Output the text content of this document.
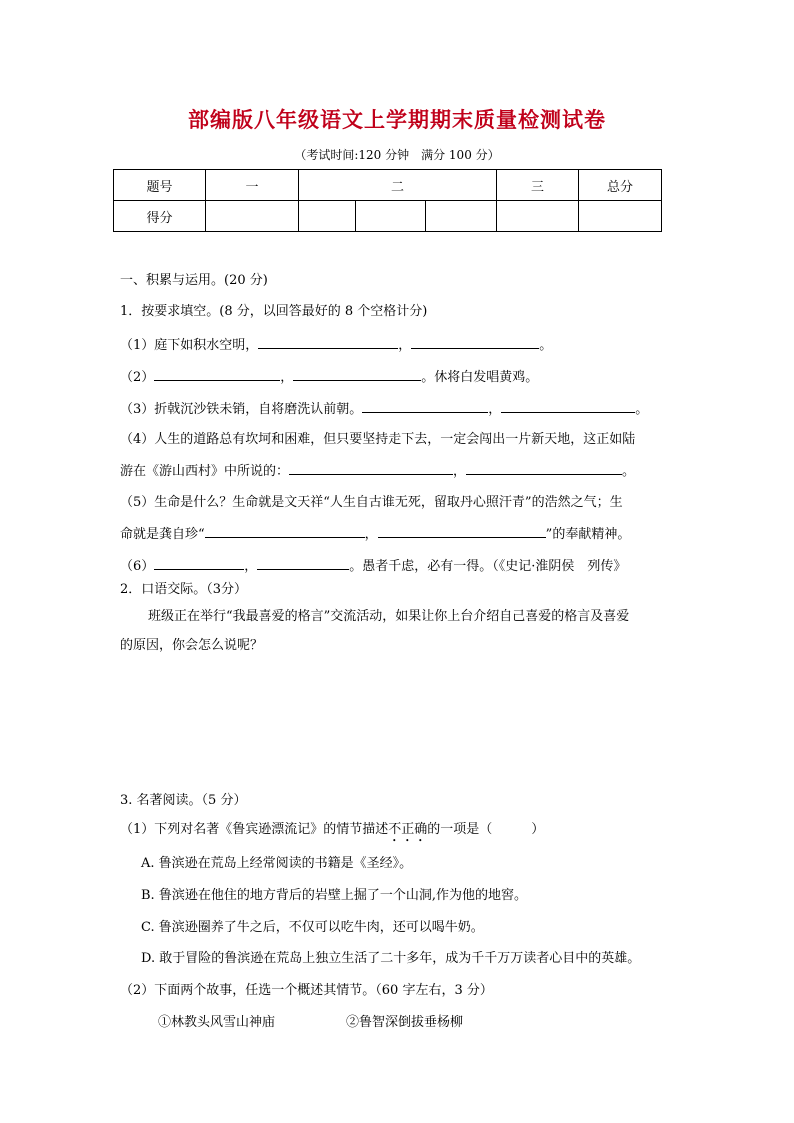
部编版八年级语文上学期期末质量检测试卷
（考试时间:120 分钟　满分 100 分）
题号	一	二			三	总分
得分						
一、积累与运用。(20 分)
1．按要求填空。(8 分，以回答最好的 8 个空格计分)
（1）庭下如积水空明，	，	。
（2）	，	。休将白发唱黄鸡。
（3）折戟沉沙铁未销，自将磨洗认前朝。	，	。
（4）人生的道路总有坎坷和困难，但只要坚持走下去，一定会闯出一片新天地，这正如陆
游在《游山西村》中所说的：	，	。
（5）生命是什么？生命就是文天祥“人生自古谁无死，留取丹心照汗青”的浩然之气；生
命就是龚自珍“	，	”的奉献精神。
（6）	，	。愚者千虑，必有一得。（《史记·淮阴侯　列传》
2．口语交际。（3分）
班级正在举行“我最喜爱的格言”交流活动，如果让你上台介绍自己喜爱的格言及喜爱
的原因，你会怎么说呢？
3. 名著阅读。（5 分）
（1）下列对名著《鲁宾逊漂流记》的情节描述不正确的一项是（　　　）
A. 鲁滨逊在荒岛上经常阅读的书籍是《圣经》。
B. 鲁滨逊在他住的地方背后的岩壁上掘了一个山洞,作为他的地窖。
C. 鲁滨逊圈养了牛之后，不仅可以吃牛肉，还可以喝牛奶。
D. 敢于冒险的鲁滨逊在荒岛上独立生活了二十多年，成为千千万万读者心目中的英雄。
（2）下面两个故事，任选一个概述其情节。（60 字左右，3 分）
①林教头风雪山神庙	②鲁智深倒拔垂杨柳
